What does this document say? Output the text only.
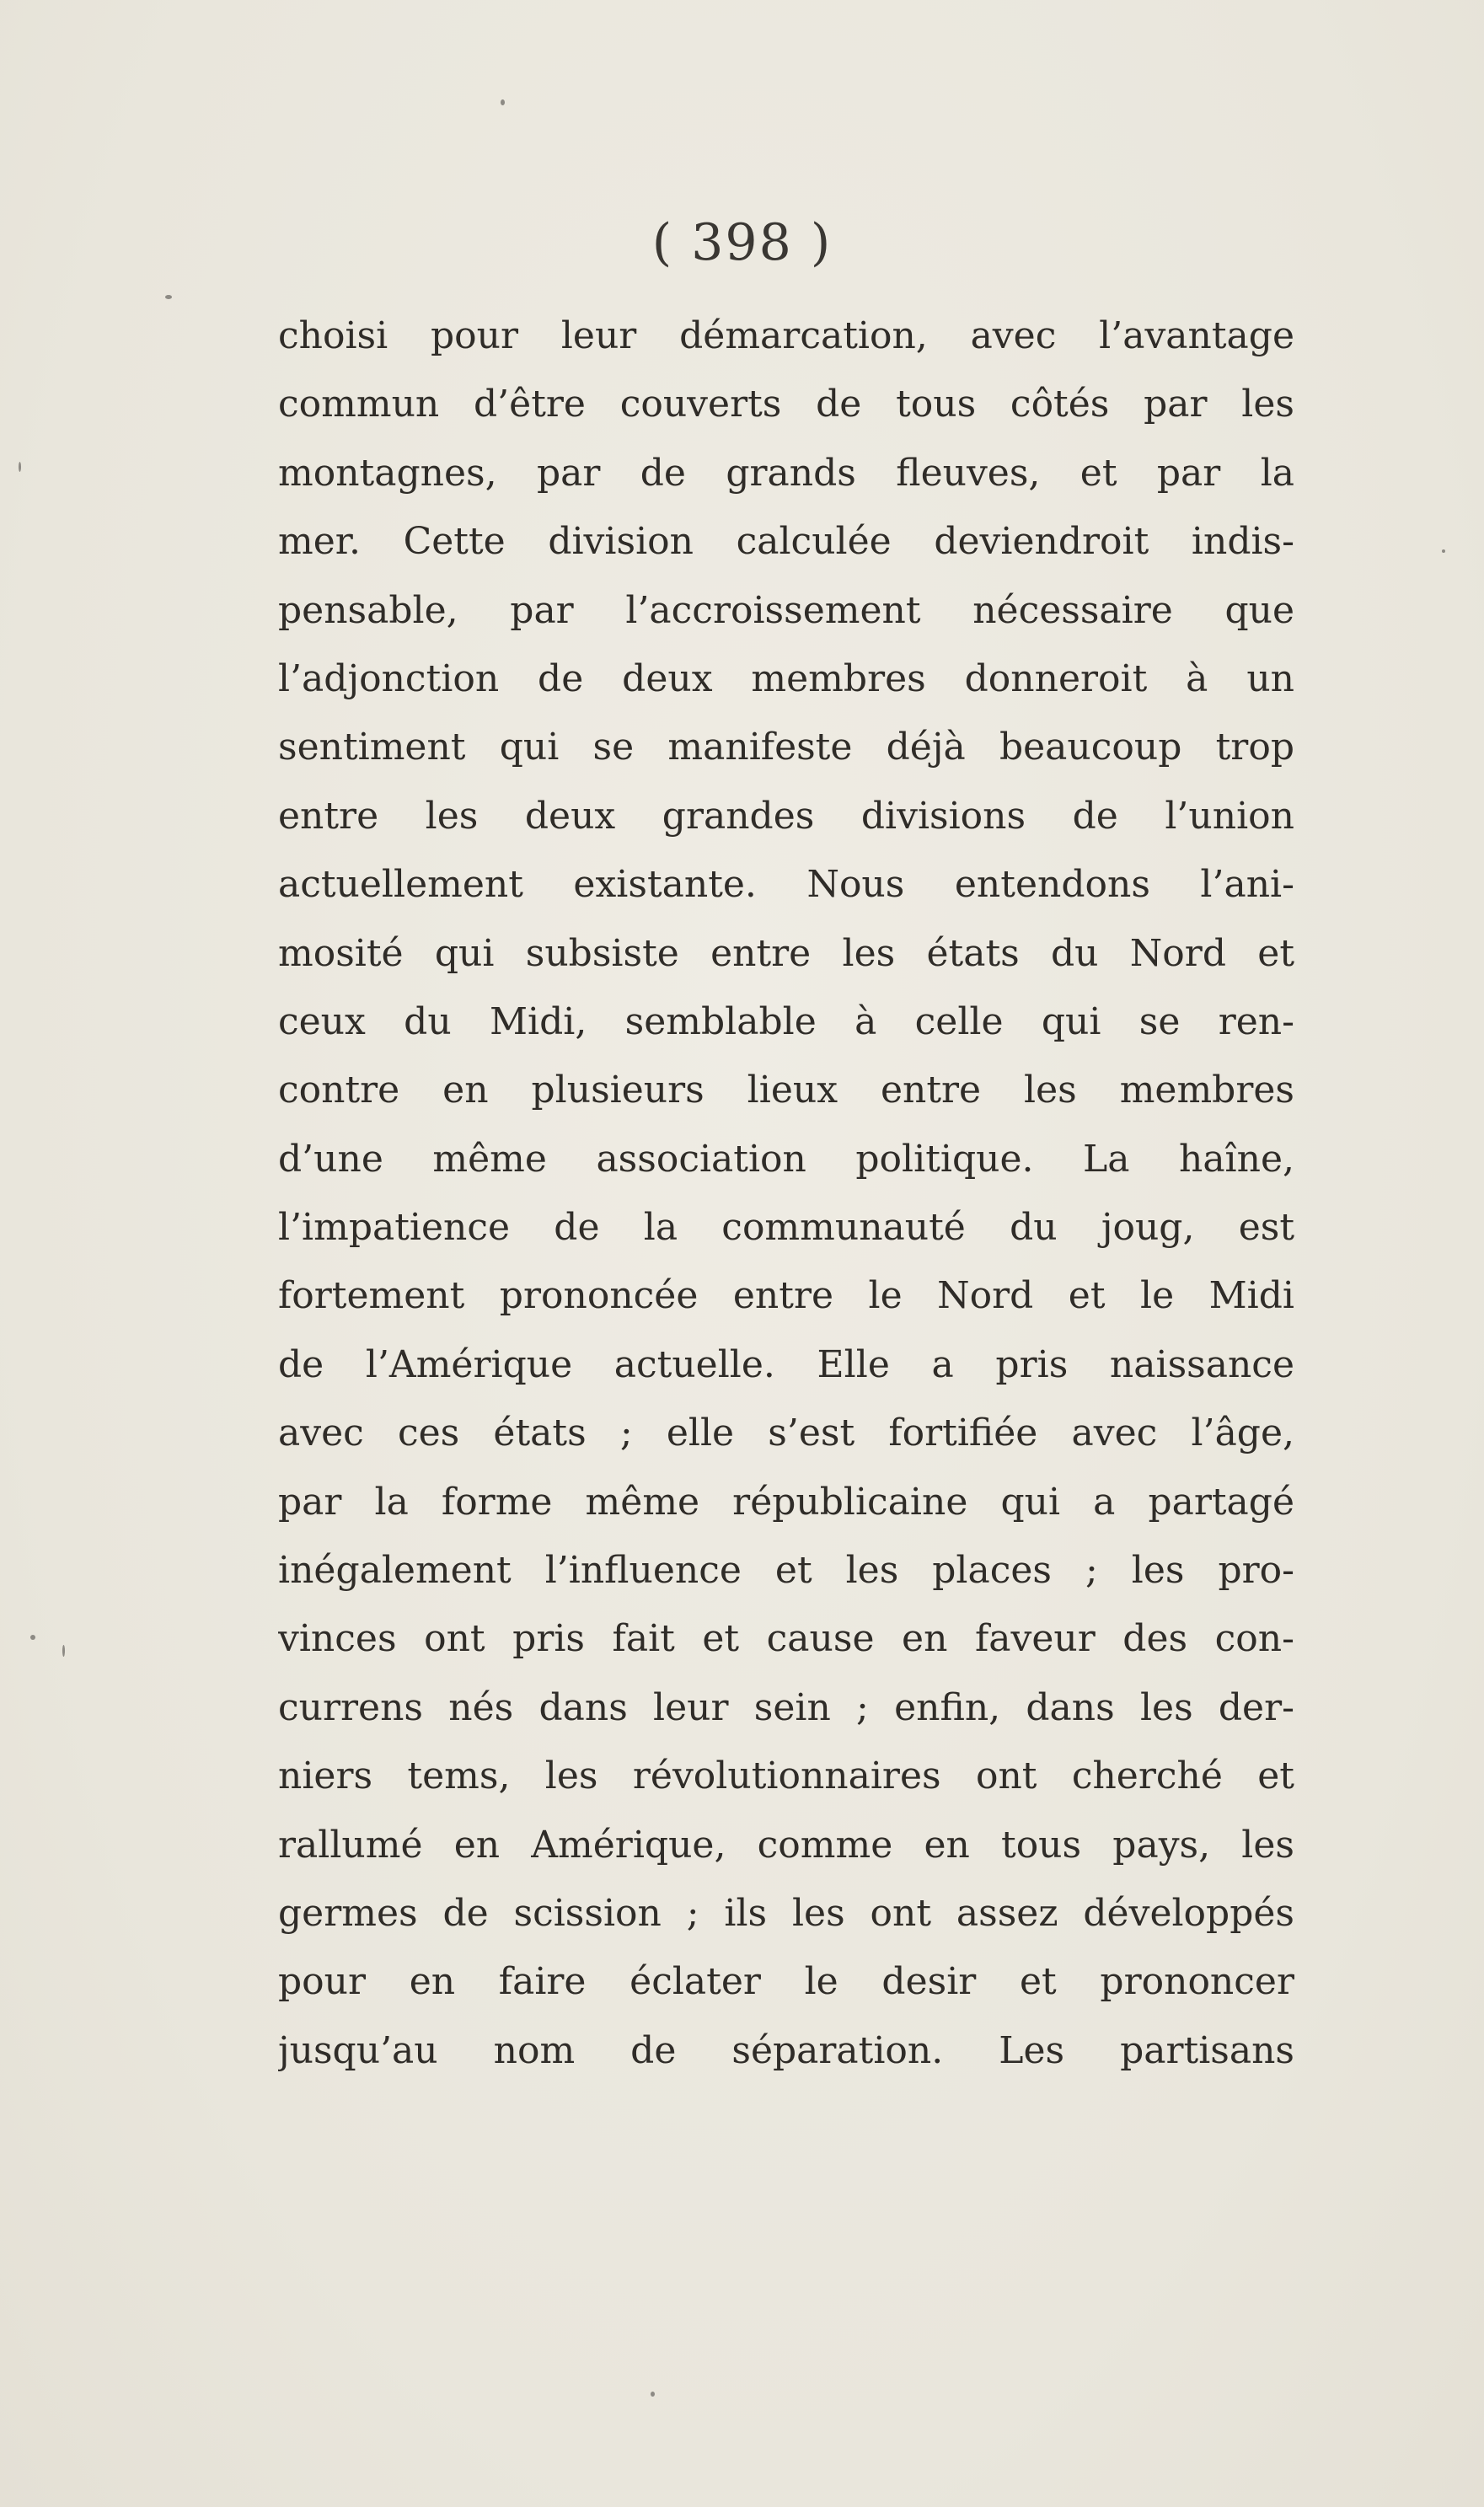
( 398 )
choisi pour leur démarcation, avec l’avantage
commun d’être couverts de tous côtés par les
montagnes, par de grands fleuves, et par la
mer. Cette division calculée deviendroit indis-
pensable, par l’accroissement nécessaire que
l’adjonction de deux membres donneroit à un
sentiment qui se manifeste déjà beaucoup trop
entre les deux grandes divisions de l’union
actuellement existante. Nous entendons l’ani-
mosité qui subsiste entre les états du Nord et
ceux du Midi, semblable à celle qui se ren-
contre en plusieurs lieux entre les membres
d’une même association politique. La haîne,
l’impatience de la communauté du joug, est
fortement prononcée entre le Nord et le Midi
de l’Amérique actuelle. Elle a pris naissance
avec ces états ; elle s’est fortifiée avec l’âge,
par la forme même républicaine qui a partagé
inégalement l’influence et les places ; les pro-
vinces ont pris fait et cause en faveur des con-
currens nés dans leur sein ; enfin, dans les der-
niers tems, les révolutionnaires ont cherché et
rallumé en Amérique, comme en tous pays, les
germes de scission ; ils les ont assez développés
pour en faire éclater le desir et prononcer
jusqu’au nom de séparation. Les partisans
